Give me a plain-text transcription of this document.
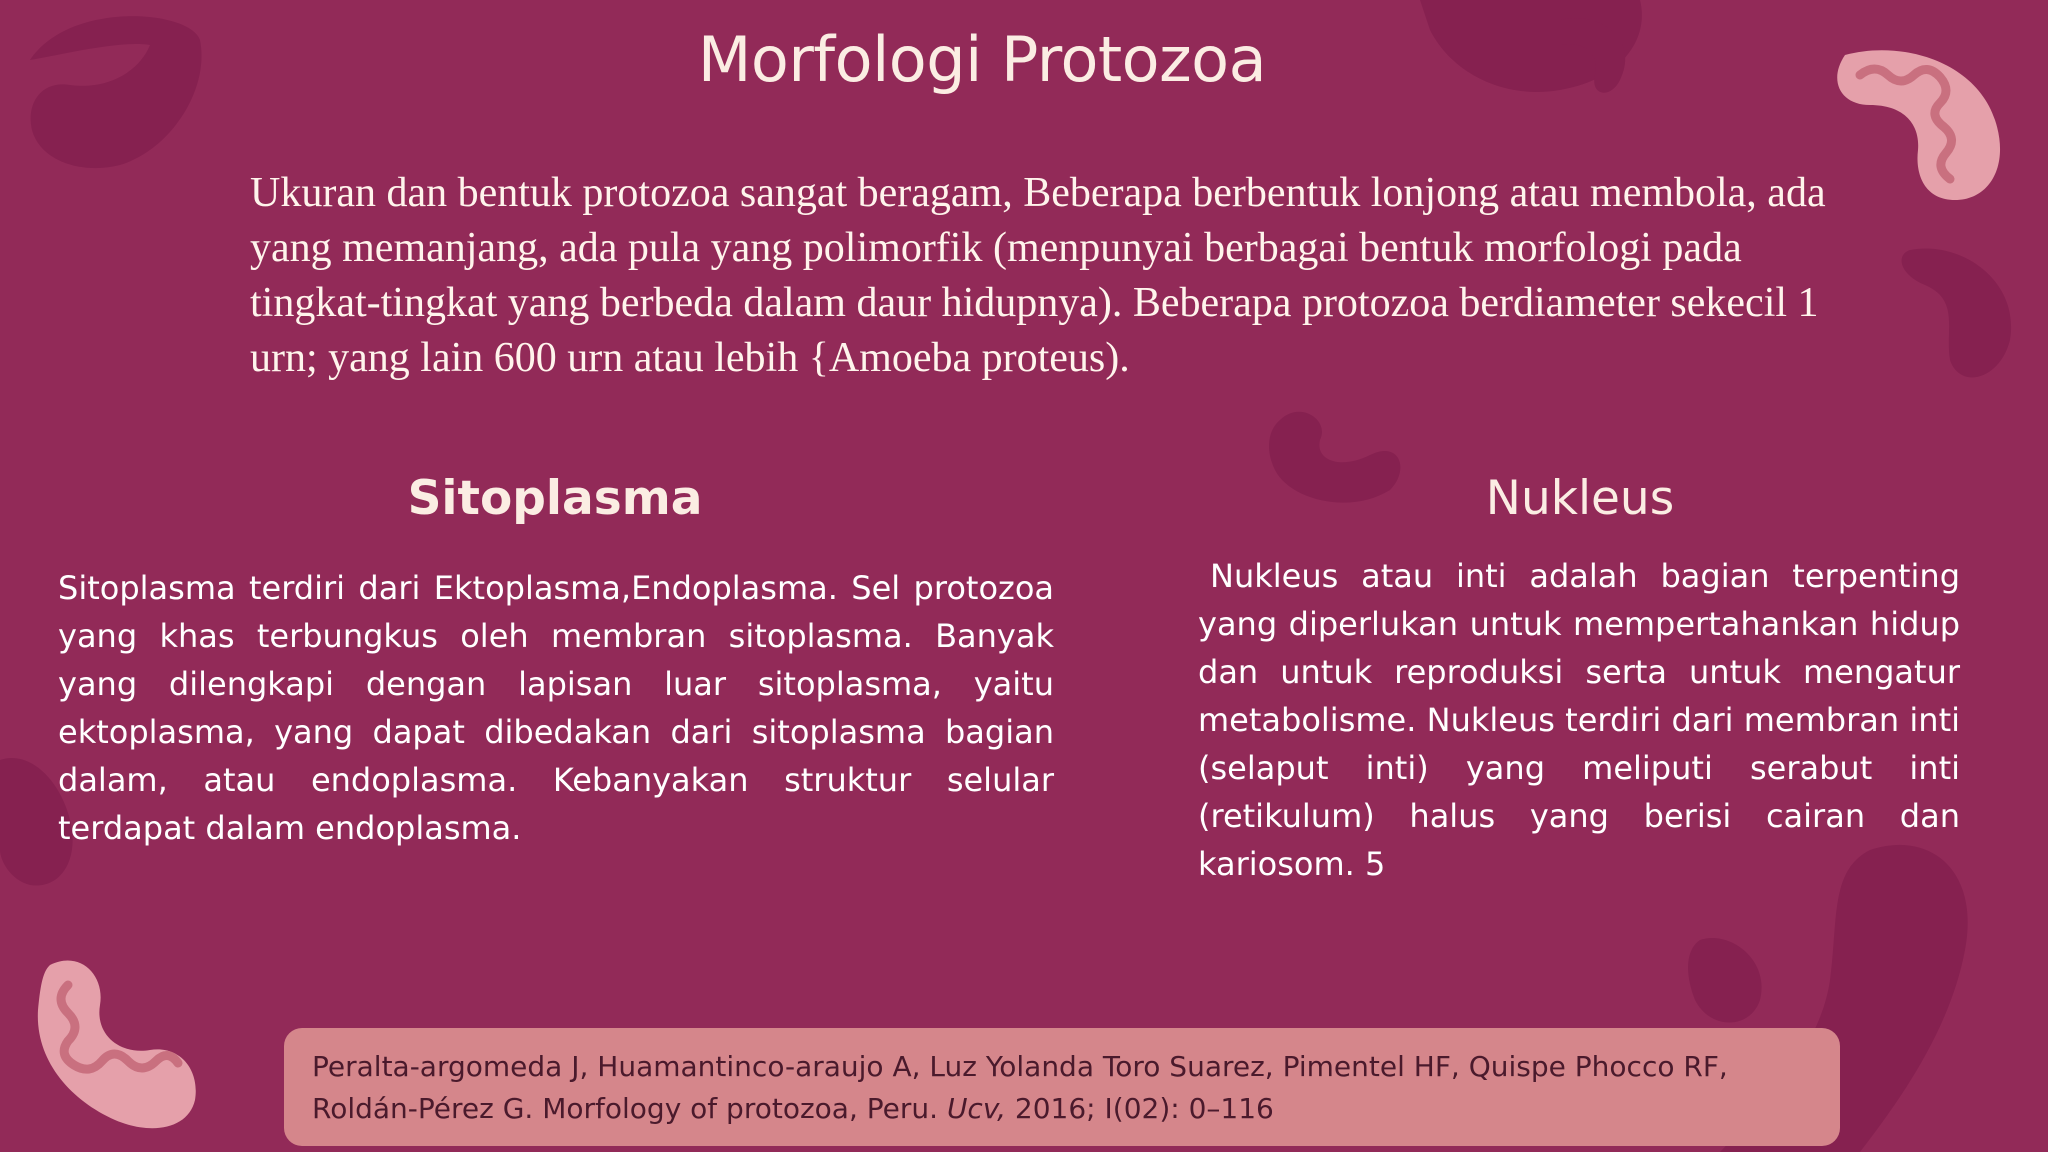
Morfologi Protozoa

Ukuran dan bentuk protozoa sangat beragam, Beberapa berbentuk lonjong atau membola, ada yang memanjang, ada pula yang polimorfik (menpunyai berbagai bentuk morfologi pada tingkat-tingkat yang berbeda dalam daur hidupnya). Beberapa protozoa berdiameter sekecil 1 urn; yang lain 600 urn atau lebih {Amoeba proteus).

Sitoplasma

Sitoplasma terdiri dari Ektoplasma,Endoplasma. Sel protozoa yang khas terbungkus oleh membran sitoplasma. Banyak yang dilengkapi dengan lapisan luar sitoplasma, yaitu ektoplasma, yang dapat dibedakan dari sitoplasma bagian dalam, atau endoplasma. Kebanyakan struktur selular terdapat dalam endoplasma.

Nukleus

Nukleus atau inti adalah bagian terpenting yang diperlukan untuk mempertahankan hidup dan untuk reproduksi serta untuk mengatur metabolisme. Nukleus terdiri dari membran inti (selaput inti) yang meliputi serabut inti (retikulum) halus yang berisi cairan dan kariosom. 5

Peralta-argomeda J, Huamantinco-araujo A, Luz Yolanda Toro Suarez, Pimentel HF, Quispe Phocco RF,
Roldán-Pérez G. Morfology of protozoa, Peru. Ucv, 2016; I(02): 0–116
